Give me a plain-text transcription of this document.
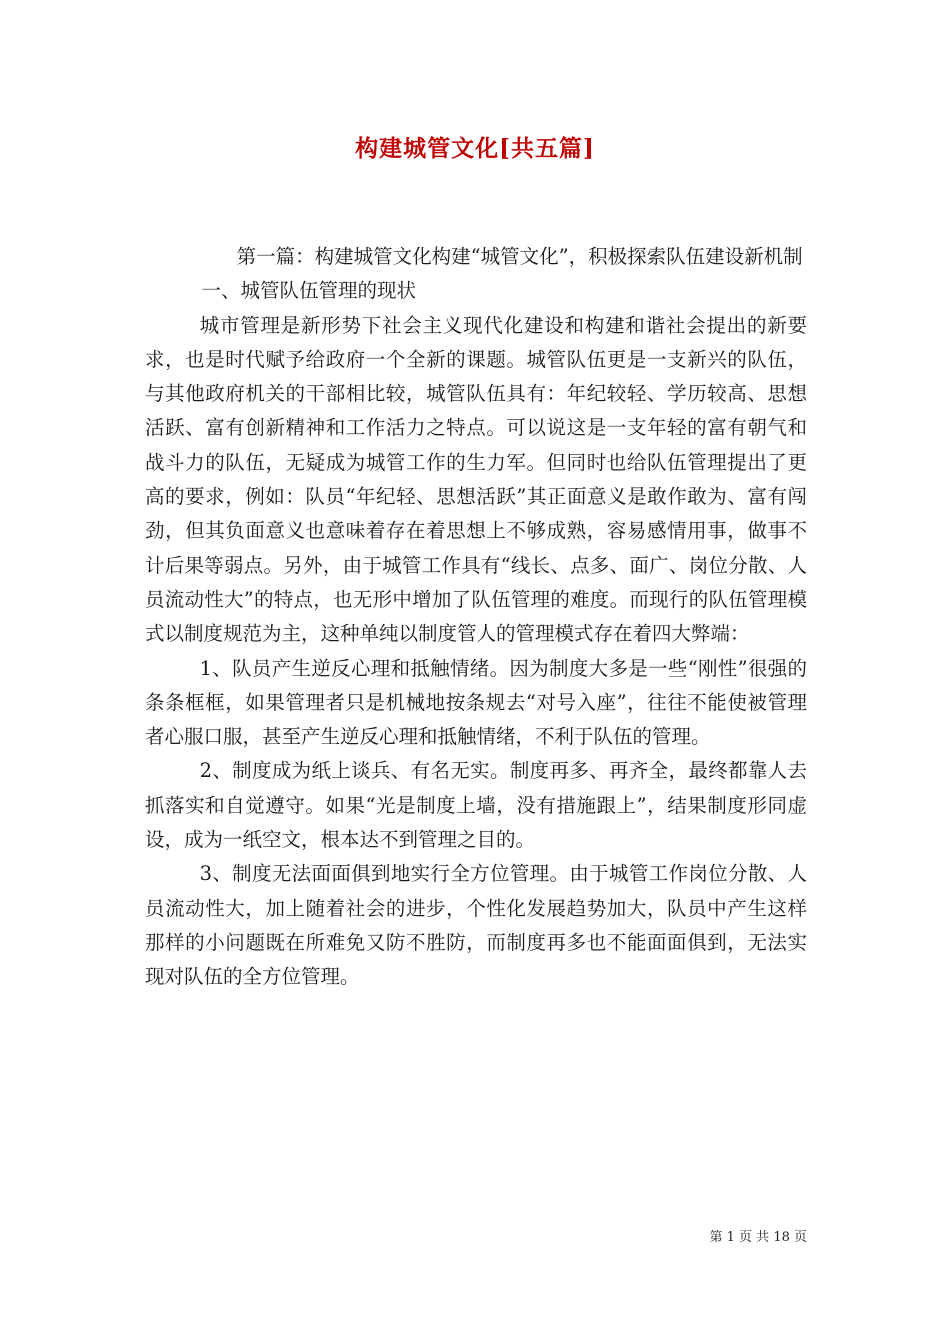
构建城管文化[共五篇]

第一篇：构建城管文化构建“城管文化”，积极探索队伍建设新机制

一、城管队伍管理的现状

城市管理是新形势下社会主义现代化建设和构建和谐社会提出的新要求，也是时代赋予给政府一个全新的课题。城管队伍更是一支新兴的队伍，与其他政府机关的干部相比较，城管队伍具有：年纪较轻、学历较高、思想活跃、富有创新精神和工作活力之特点。可以说这是一支年轻的富有朝气和战斗力的队伍，无疑成为城管工作的生力军。但同时也给队伍管理提出了更高的要求，例如：队员“年纪轻、思想活跃”其正面意义是敢作敢为、富有闯劲，但其负面意义也意味着存在着思想上不够成熟，容易感情用事，做事不计后果等弱点。另外，由于城管工作具有“线长、点多、面广、岗位分散、人员流动性大”的特点，也无形中增加了队伍管理的难度。而现行的队伍管理模式以制度规范为主，这种单纯以制度管人的管理模式存在着四大弊端：

1、队员产生逆反心理和抵触情绪。因为制度大多是一些“刚性”很强的条条框框，如果管理者只是机械地按条规去“对号入座”，往往不能使被管理者心服口服，甚至产生逆反心理和抵触情绪，不利于队伍的管理。

2、制度成为纸上谈兵、有名无实。制度再多、再齐全，最终都靠人去抓落实和自觉遵守。如果“光是制度上墙，没有措施跟上”，结果制度形同虚设，成为一纸空文，根本达不到管理之目的。

3、制度无法面面俱到地实行全方位管理。由于城管工作岗位分散、人员流动性大，加上随着社会的进步，个性化发展趋势加大，队员中产生这样那样的小问题既在所难免又防不胜防，而制度再多也不能面面俱到，无法实现对队伍的全方位管理。

第 1 页 共 18 页
